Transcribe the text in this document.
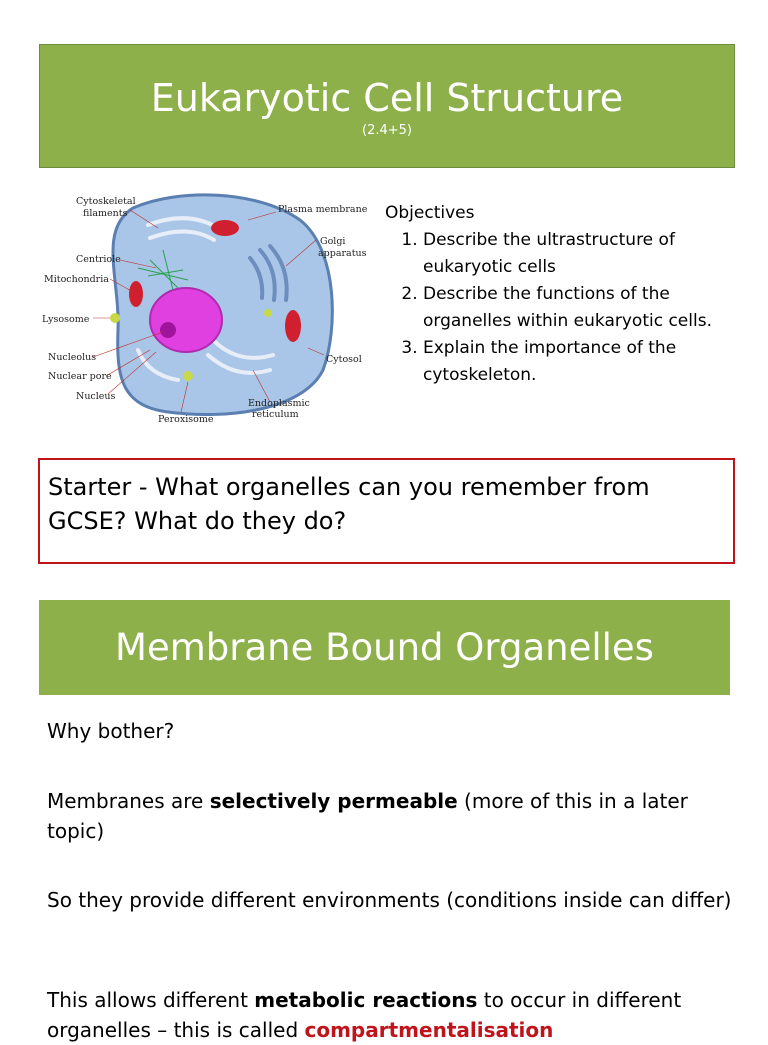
Eukaryotic Cell Structure
(2.4+5)
Cytoskeletal
filaments
Centriole
Mitochondria
Lysosome
Nucleolus
Nuclear pore
Nucleus
Peroxisome
Plasma membrane
Golgi
apparatus
Cytosol
Endoplasmic
reticulum
Objectives
1. Describe the ultrastructure of eukaryotic cells
2. Describe the functions of the organelles within eukaryotic cells.
3. Explain the importance of the cytoskeleton.
Starter - What organelles can you remember from GCSE? What do they do?
Membrane Bound Organelles
Why bother?
Membranes are selectively permeable (more of this in a later topic)
So they provide different environments (conditions inside can differ)
This allows different metabolic reactions to occur in different
organelles – this is called compartmentalisation
